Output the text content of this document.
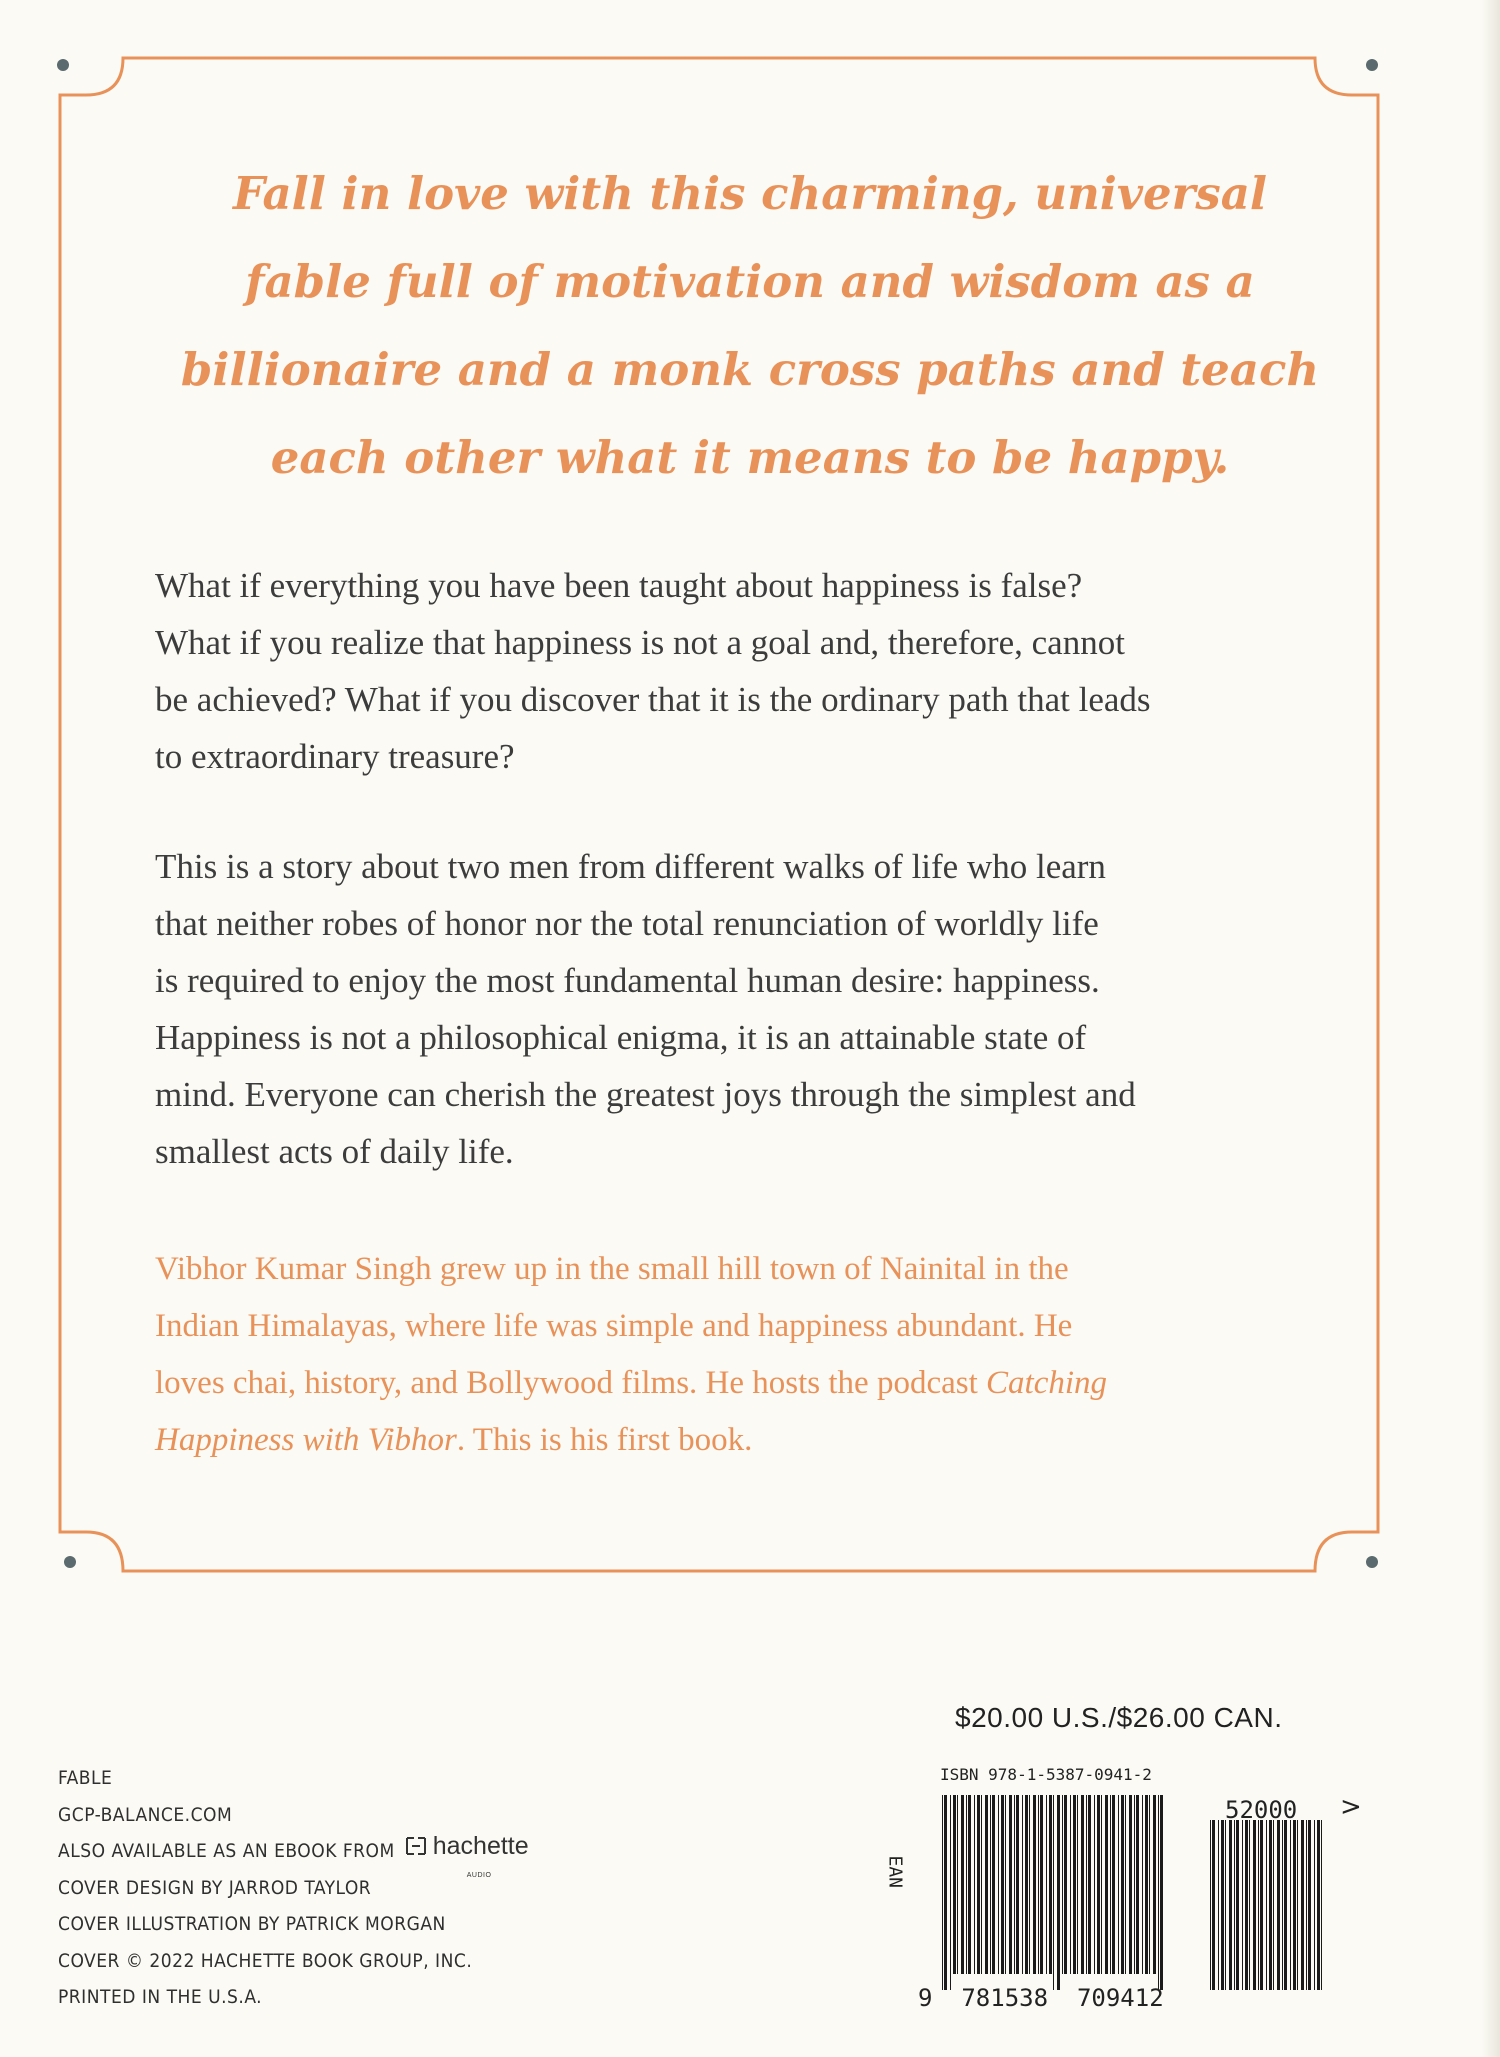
Fall in love with this charming, universal
fable full of motivation and wisdom as a
billionaire and a monk cross paths and teach
each other what it means to be happy.
What if everything you have been taught about happiness is false?
What if you realize that happiness is not a goal and, therefore, cannot
be achieved? What if you discover that it is the ordinary path that leads
to extraordinary treasure?
This is a story about two men from different walks of life who learn
that neither robes of honor nor the total renunciation of worldly life
is required to enjoy the most fundamental human desire: happiness.
Happiness is not a philosophical enigma, it is an attainable state of
mind. Everyone can cherish the greatest joys through the simplest and
smallest acts of daily life.
Vibhor Kumar Singh grew up in the small hill town of Nainital in the
Indian Himalayas, where life was simple and happiness abundant. He
loves chai, history, and Bollywood films. He hosts the podcast Catching
Happiness with Vibhor. This is his first book.
FABLE
GCP-BALANCE.COM
ALSO AVAILABLE AS AN EBOOK FROM hachette
AUDIO
COVER DESIGN BY JARROD TAYLOR
COVER ILLUSTRATION BY PATRICK MORGAN
COVER © 2022 HACHETTE BOOK GROUP, INC.
PRINTED IN THE U.S.A.
$20.00 U.S./$26.00 CAN.
ISBN 978-1-5387-0941-2
EAN
9  781538  709412
52000 >
